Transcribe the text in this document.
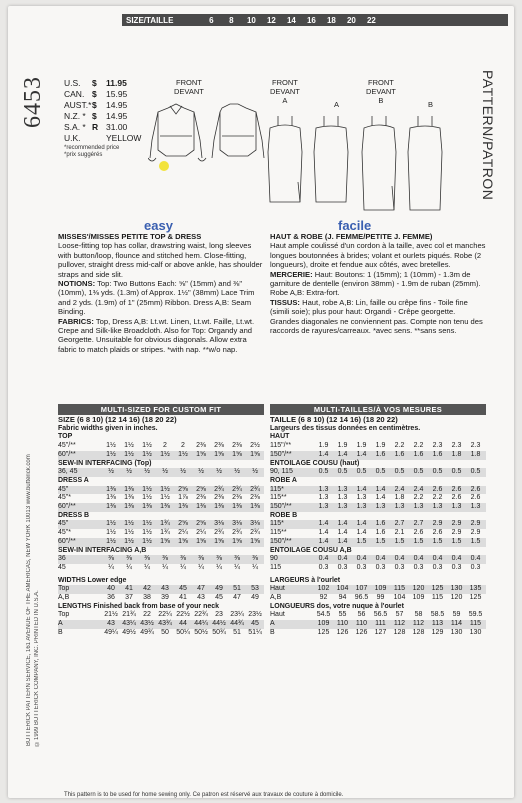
SIZE/TAILLE	6	8	10	12	14	16	18	20	22
6453
BUTTERICK PATTERN SERVICE, 161 AVENUE OF THE AMERICAS, NEW YORK 10013 www.butterick.com ©1999 BUTTERICK COMPANY, INC. PRINTED IN U.S.A.
PATTERN/PATRON
U.S.	$	11.95
CAN. $	15.95
AUST.* $	14.95
N.Z. * $	14.95
S.A. * R 31.00
U.K.	YELLOW
*recommended price
*prix suggérés
FRONT
DEVANT
FRONT
DEVANT
A	A
FRONT
DEVANT
B	B
easy	facile
MISSES'/MISSES PETITE TOP & DRESS
Loose-fitting top has collar, drawstring waist, long sleeves with button/loop, flounce and stitched hem. Close-fitting, pullover, straight dress mid-calf or above ankle, has shoulder straps and side slit.
NOTIONS: Top: Two Buttons Each: ⅝" (15mm) and ⅜" (10mm), 1⅜ yds. (1.3m) of Approx. 1½" (38mm) Lace Trim and 2 yds. (1.9m) of 1" (25mm) Ribbon. Dress A,B: Seam Binding.
FABRICS: Top, Dress A,B: Lt.wt. Linen, Lt.wt. Faille, Lt.wt. Crepe and Silk-like Broadcloth. Also for Top: Organdy and Georgette. Unsuitable for obvious diagonals. Allow extra fabric to match plaids or stripes. *with nap. **w/o nap.
HAUT & ROBE (J. FEMME/PETITE J. FEMME)
Haut ample coulissé d'un cordon à la taille, avec col et manches longues boutonnées à brides; volant et ourlets piqués. Robe (2 longueurs), droite et fendue aux côtés, avec bretelles.
MERCERIE: Haut: Boutons: 1 (15mm); 1 (10mm) - 1.3m de garniture de dentelle (environ 38mm) - 1.9m de ruban (25mm). Robe A,B: Extra-fort.
TISSUS: Haut, robe A,B: Lin, faille ou crêpe fins - Toile fine (simili soie); plus pour haut: Organdi - Crêpe georgette. Grandes diagonales ne conviennent pas. Compte non tenu des raccords de rayures/carreaux. *avec sens. **sans sens.
MULTI-SIZED FOR CUSTOM FIT	MULTI-TAILLES/À VOS MESURES
SIZE (6 8 10) (12 14 16) (18 20 22)
Fabric widths given in inches.
TOP
45"/**	1½	1½	1½	2	2	2⅜	2⅜	2⅜	2½
60"/**	1½	1½	1½	1½	1½	1⅝	1⅝	1⅝	1⅝
SEW-IN INTERFACING (Top)
36, 45	½	½	½	½	½	½	½	½	½
DRESS A
45"	1⅜	1⅜	1½	1½	2⅝	2⅝	2¾	2¾	2¾
45"*	1⅜	1⅜	1½	1½	1⅞	2⅜	2⅜	2⅜	2⅜
60"/**	1⅜	1⅜	1⅜	1⅜	1⅜	1⅜	1⅜	1⅜	1⅜
DRESS B
45"	1½	1½	1½	1¾	2⅝	2⅝	3⅛	3⅛	3⅛
45"*	1½	1½	1½	1¾	2¼	2¼	2¾	2¾	2¾
60"/**	1½	1½	1½	1⅝	1⅝	1⅝	1⅝	1⅝	1⅝
SEW-IN INTERFACING A,B
36	⅜	⅜	⅜	⅜	⅜	⅜	⅜	⅜	⅜
45	¼	¼	¼	¼	¼	¼	¼	¼	¼
WIDTHS Lower edge
Top	40	41	42	43	45	47	49	51	53
A,B	36	37	38	39	41	43	45	47	49
LENGTHS Finished back from base of your neck
Top	21½ 21¾	22	22¼ 22½ 22¾	23	23¼ 23½
A	43	43¼ 43½ 43¾	44	44¼ 44½ 44¾	45
B	49¼ 49½ 49¾	50	50¼ 50½ 50¾	51	51¼
TAILLE (6 8 10) (12 14 16) (18 20 22)
Largeurs des tissus données en centimètres.
HAUT
115"/**	1.9	1.9	1.9	1.9	2.2	2.2	2.3	2.3	2.3
150"/**	1.4	1.4	1.4	1.6	1.6	1.6	1.6	1.8	1.8
ENTOILAGE COUSU (haut)
90, 115	0.5	0.5	0.5	0.5	0.5	0.5	0.5	0.5	0.5
ROBE A
115*	1.3	1.3	1.4	1.4	2.4	2.4	2.6	2.6	2.6
115**	1.3	1.3	1.3	1.4	1.8	2.2	2.2	2.6	2.6
150"/**	1.3	1.3	1.3	1.3	1.3	1.3	1.3	1.3	1.3
ROBE B
115*	1.4	1.4	1.4	1.6	2.7	2.7	2.9	2.9	2.9
115**	1.4	1.4	1.4	1.6	2.1	2.6	2.6	2.9	2.9
150"/**	1.4	1.4	1.5	1.5	1.5	1.5	1.5	1.5	1.5
ENTOILAGE COUSU A,B
90	0.4	0.4	0.4	0.4	0.4	0.4	0.4	0.4	0.4
115	0.3	0.3	0.3	0.3	0.3	0.3	0.3	0.3	0.3
LARGEURS à l'ourlet
Haut	102	104	107	109	115	120	125	130	135
A,B	92	94	96.5	99	104	109	115	120	125
LONGUEURS dos, votre nuque à l'ourlet
Haut	54.5	55	56	56.5	57	58	58.5	59	59.5
A	109	110	110	111	112	112	113	114	115
B	125	126	126	127	128	128	129	130	130
This pattern is to be used for home sewing only. Ce patron est réservé aux travaux de couture à domicile.
